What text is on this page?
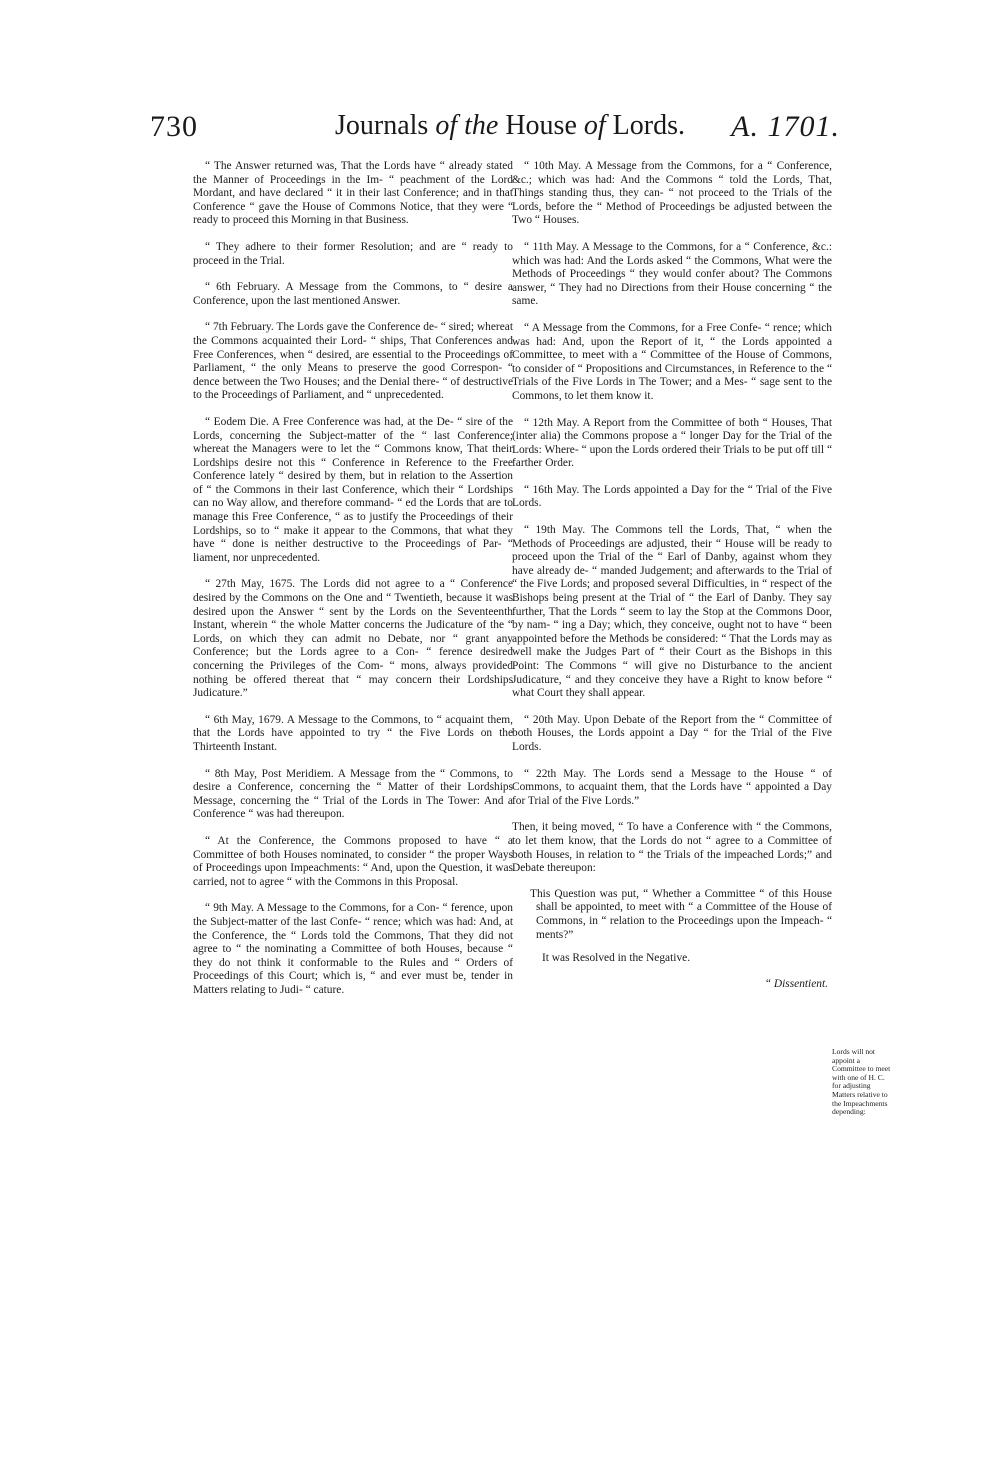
730	Journals of the House of Lords. A. 1701.

“ The Answer returned was, That the Lords have “ already stated the Manner of Proceedings in the Im- “ peachment of the Lord Mordant, and have declared “ it in their last Conference; and in that Conference “ gave the House of Commons Notice, that they were “ ready to proceed this Morning in that Business.

“ They adhere to their former Resolution; and are “ ready to proceed in the Trial.

“ 6th February. A Message from the Commons, to “ desire a Conference, upon the last mentioned Answer.

“ 7th February. The Lords gave the Conference de- “ sired; whereat the Commons acquainted their Lord- “ ships, That Conferences and Free Conferences, when “ desired, are essential to the Proceedings of Parliament, “ the only Means to preserve the good Correspon- “ dence between the Two Houses; and the Denial there- “ of destructive to the Proceedings of Parliament, and “ unprecedented.

“ Eodem Die. A Free Conference was had, at the De- “ sire of the Lords, concerning the Subject-matter of the “ last Conference; whereat the Managers were to let the “ Commons know, That their Lordships desire not this “ Conference in Reference to the Free Conference lately “ desired by them, but in relation to the Assertion of “ the Commons in their last Conference, which their “ Lordships can no Way allow, and therefore command- “ ed the Lords that are to manage this Free Conference, “ as to justify the Proceedings of their Lordships, so to “ make it appear to the Commons, that what they have “ done is neither destructive to the Proceedings of Par- “ liament, nor unprecedented.

“ 27th May, 1675. The Lords did not agree to a “ Conference desired by the Commons on the One and “ Twentieth, because it was desired upon the Answer “ sent by the Lords on the Seventeenth Instant, wherein “ the whole Matter concerns the Judicature of the “ Lords, on which they can admit no Debate, nor “ grant any Conference; but the Lords agree to a Con- “ ference desired concerning the Privileges of the Com- “ mons, always provided nothing be offered thereat that “ may concern their Lordships Judicature.”

“ 6th May, 1679. A Message to the Commons, to “ acquaint them, that the Lords have appointed to try “ the Five Lords on the Thirteenth Instant.

“ 8th May, Post Meridiem. A Message from the “ Commons, to desire a Conference, concerning the “ Matter of their Lordships Message, concerning the “ Trial of the Lords in The Tower: And a Conference “ was had thereupon.

“ At the Conference, the Commons proposed to have “ a Committee of both Houses nominated, to consider “ the proper Ways of Proceedings upon Impeachments: “ And, upon the Question, it was carried, not to agree “ with the Commons in this Proposal.

“ 9th May. A Message to the Commons, for a Con- “ ference, upon the Subject-matter of the last Confe- “ rence; which was had: And, at the Conference, the “ Lords told the Commons, That they did not agree to “ the nominating a Committee of both Houses, because “ they do not think it conformable to the Rules and “ Orders of Proceedings of this Court; which is, “ and ever must be, tender in Matters relating to Judi- “ cature.

“ 10th May. A Message from the Commons, for a “ Conference, &c.; which was had: And the Commons “ told the Lords, That, Things standing thus, they can- “ not proceed to the Trials of the Lords, before the “ Method of Proceedings be adjusted between the Two “ Houses.

“ 11th May. A Message to the Commons, for a “ Conference, &c.: which was had: And the Lords asked “ the Commons, What were the Methods of Proceedings “ they would confer about? The Commons answer, “ They had no Directions from their House concerning “ the same.

“ A Message from the Commons, for a Free Confe- “ rence; which was had: And, upon the Report of it, “ the Lords appointed a Committee, to meet with a “ Committee of the House of Commons, to consider of “ Propositions and Circumstances, in Reference to the “ Trials of the Five Lords in The Tower; and a Mes- “ sage sent to the Commons, to let them know it.

“ 12th May. A Report from the Committee of both “ Houses, That (inter alia) the Commons propose a “ longer Day for the Trial of the Lords: Where- “ upon the Lords ordered their Trials to be put off till “ farther Order.

“ 16th May. The Lords appointed a Day for the “ Trial of the Five Lords.

“ 19th May. The Commons tell the Lords, That, “ when the Methods of Proceedings are adjusted, their “ House will be ready to proceed upon the Trial of the “ Earl of Danby, against whom they have already de- “ manded Judgement; and afterwards to the Trial of “ the Five Lords; and proposed several Difficulties, in “ respect of the Bishops being present at the Trial of “ the Earl of Danby. They say further, That the Lords “ seem to lay the Stop at the Commons Door, by nam- “ ing a Day; which, they conceive, ought not to have “ been appointed before the Methods be considered: “ That the Lords may as well make the Judges Part of “ their Court as the Bishops in this Point: The Commons “ will give no Disturbance to the ancient Judicature, “ and they conceive they have a Right to know before “ what Court they shall appear.

“ 20th May. Upon Debate of the Report from the “ Committee of both Houses, the Lords appoint a Day “ for the Trial of the Five Lords.

“ 22th May. The Lords send a Message to the House “ of Commons, to acquaint them, that the Lords have “ appointed a Day for Trial of the Five Lords.”

Then, it being moved, “ To have a Conference with “ the Commons, to let them know, that the Lords do not “ agree to a Committee of both Houses, in relation to “ the Trials of the impeached Lords;” and Debate thereupon:

This Question was put, “ Whether a Committee “ of this House shall be appointed, to meet with “ a Committee of the House of Commons, in “ relation to the Proceedings upon the Impeach- “ ments?”

It was Resolved in the Negative.

“ Dissentient.

Lords will not appoint a Committee to meet with one of H. C. for adjusting Matters relative to the Impeachments depending:
